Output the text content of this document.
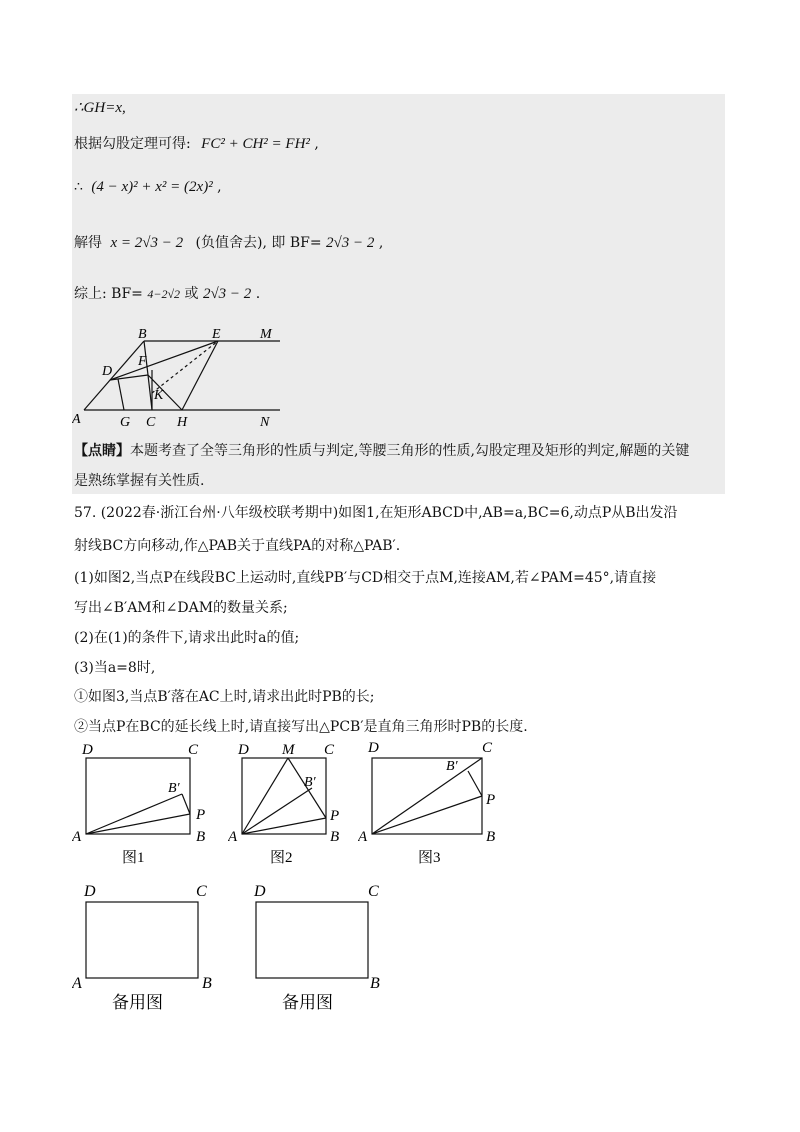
∴GH=x,
根据勾股定理可得: FC² + CH² = FH² ,
∴ (4 − x)² + x² = (2x)² ,
解得 x = 2√3 − 2 (负值舍去), 即 BF= 2√3 − 2 ,
综上: BF= 4−2√2 或 2√3 − 2 .
B	E	M
F
D
K
A	G C H	N
【点睛】本题考查了全等三角形的性质与判定,等腰三角形的性质,勾股定理及矩形的判定,解题的关键
是熟练掌握有关性质.
57. (2022春·浙江台州·八年级校联考期中)如图1,在矩形ABCD中,AB=a,BC=6,动点P从B出发沿
射线BC方向移动,作△PAB关于直线PA的对称△PAB′.
(1)如图2,当点P在线段BC上运动时,直线PB′与CD相交于点M,连接AM,若∠PAM=45°,请直接
写出∠B′AM和∠DAM的数量关系;
(2)在(1)的条件下,请求出此时a的值;
(3)当a=8时,
①如图3,当点B′落在AC上时,请求出此时PB的长;
②当点P在BC的延长线上时,请直接写出△PCB′是直角三角形时PB的长度.
D	C
B′
P
A	B
图1
D M C
B′
P
A	B
图2
D	C
B′
P
A	B
图3
D	C
A	B
备用图
D	C
B
备用图
